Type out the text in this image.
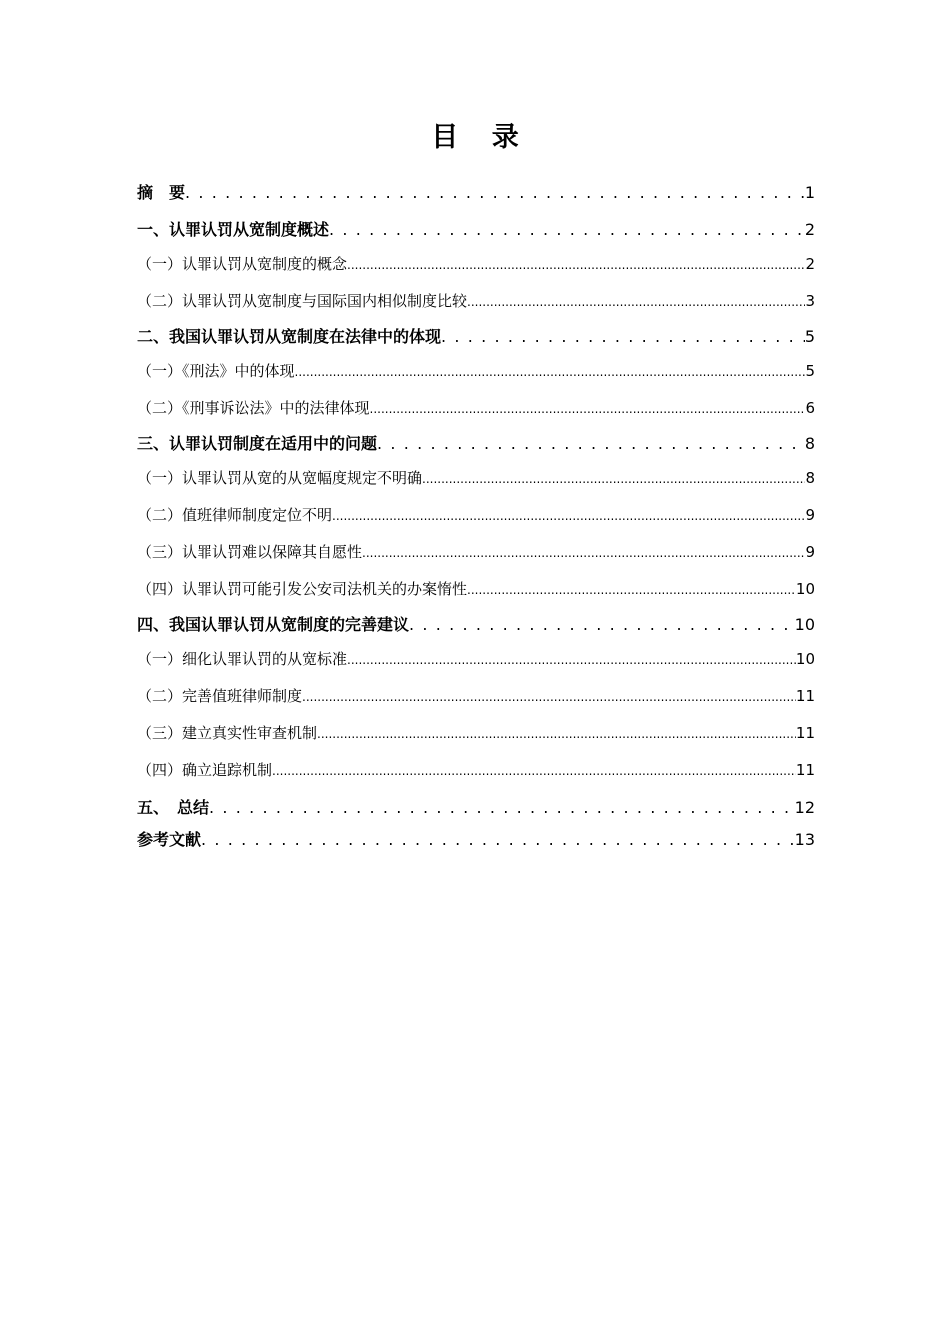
目 录
摘　要 . . .	1
一、认罪认罚从宽制度概述 . . .	2
（一）认罪认罚从宽制度的概念 .....	2
（二）认罪认罚从宽制度与国际国内相似制度比较 .....	3
二、我国认罪认罚从宽制度在法律中的体现 . . .	5
（一）《刑法》中的体现 .....	5
（二）《刑事诉讼法》中的法律体现 .....	6
三、认罪认罚制度在适用中的问题 . . .	8
（一）认罪认罚从宽的从宽幅度规定不明确 .....	8
（二）值班律师制度定位不明 .....	9
（三）认罪认罚难以保障其自愿性 .....	9
（四）认罪认罚可能引发公安司法机关的办案惰性 .....	10
四、我国认罪认罚从宽制度的完善建议 . . .	10
（一）细化认罪认罚的从宽标准 .....	10
（二）完善值班律师制度 .....	11
（三）建立真实性审查机制 .....	11
（四）确立追踪机制 .....	11
五、　总结 . . .	12
参考文献 . . .	13
